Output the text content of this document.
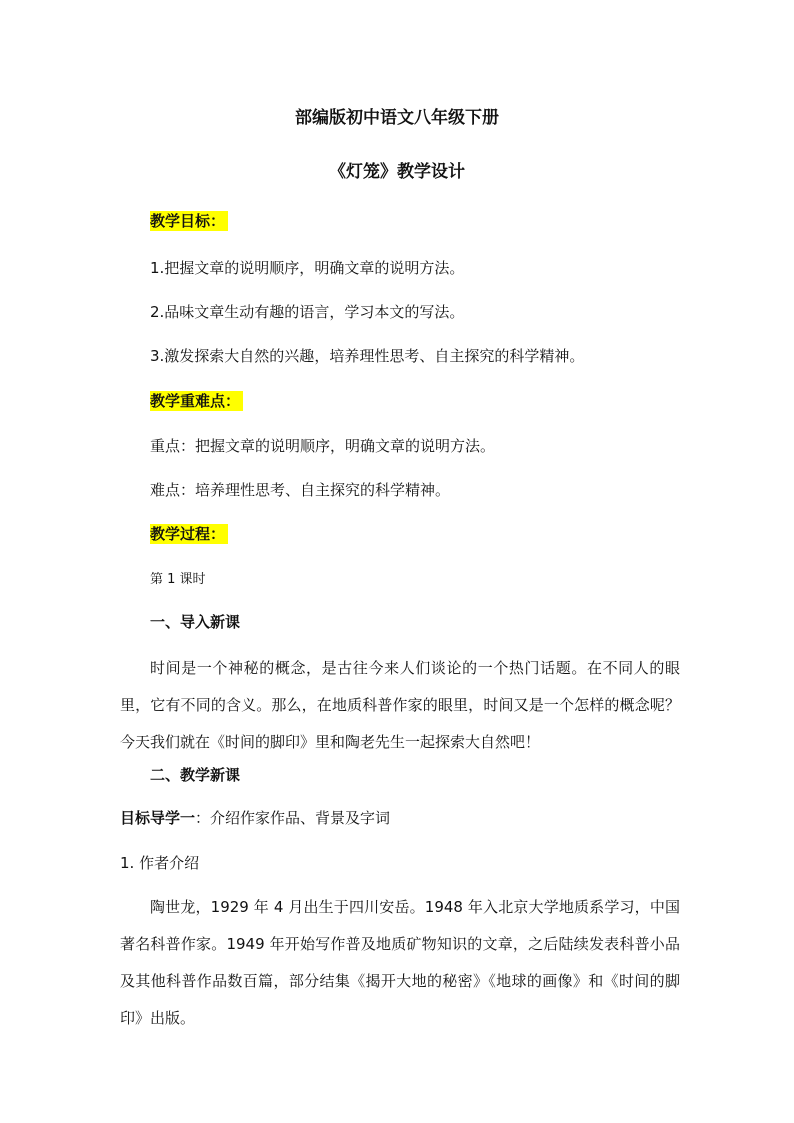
部编版初中语文八年级下册
《灯笼》教学设计
教学目标：
1.把握文章的说明顺序，明确文章的说明方法。
2.品味文章生动有趣的语言，学习本文的写法。
3.激发探索大自然的兴趣，培养理性思考、自主探究的科学精神。
教学重难点：
重点：把握文章的说明顺序，明确文章的说明方法。
难点：培养理性思考、自主探究的科学精神。
教学过程：
第 1 课时
一、导入新课

时间是一个神秘的概念，是古往今来人们谈论的一个热门话题。在不同人的眼里，它有不同的含义。那么，在地质科普作家的眼里，时间又是一个怎样的概念呢？今天我们就在《时间的脚印》里和陶老先生一起探索大自然吧！

二、教学新课
目标导学一：介绍作家作品、背景及字词
1. 作者介绍

陶世龙，1929 年 4 月出生于四川安岳。1948 年入北京大学地质系学习，中国著名科普作家。1949 年开始写作普及地质矿物知识的文章，之后陆续发表科普小品及其他科普作品数百篇，部分结集《揭开大地的秘密》《地球的画像》和《时间的脚印》出版。
